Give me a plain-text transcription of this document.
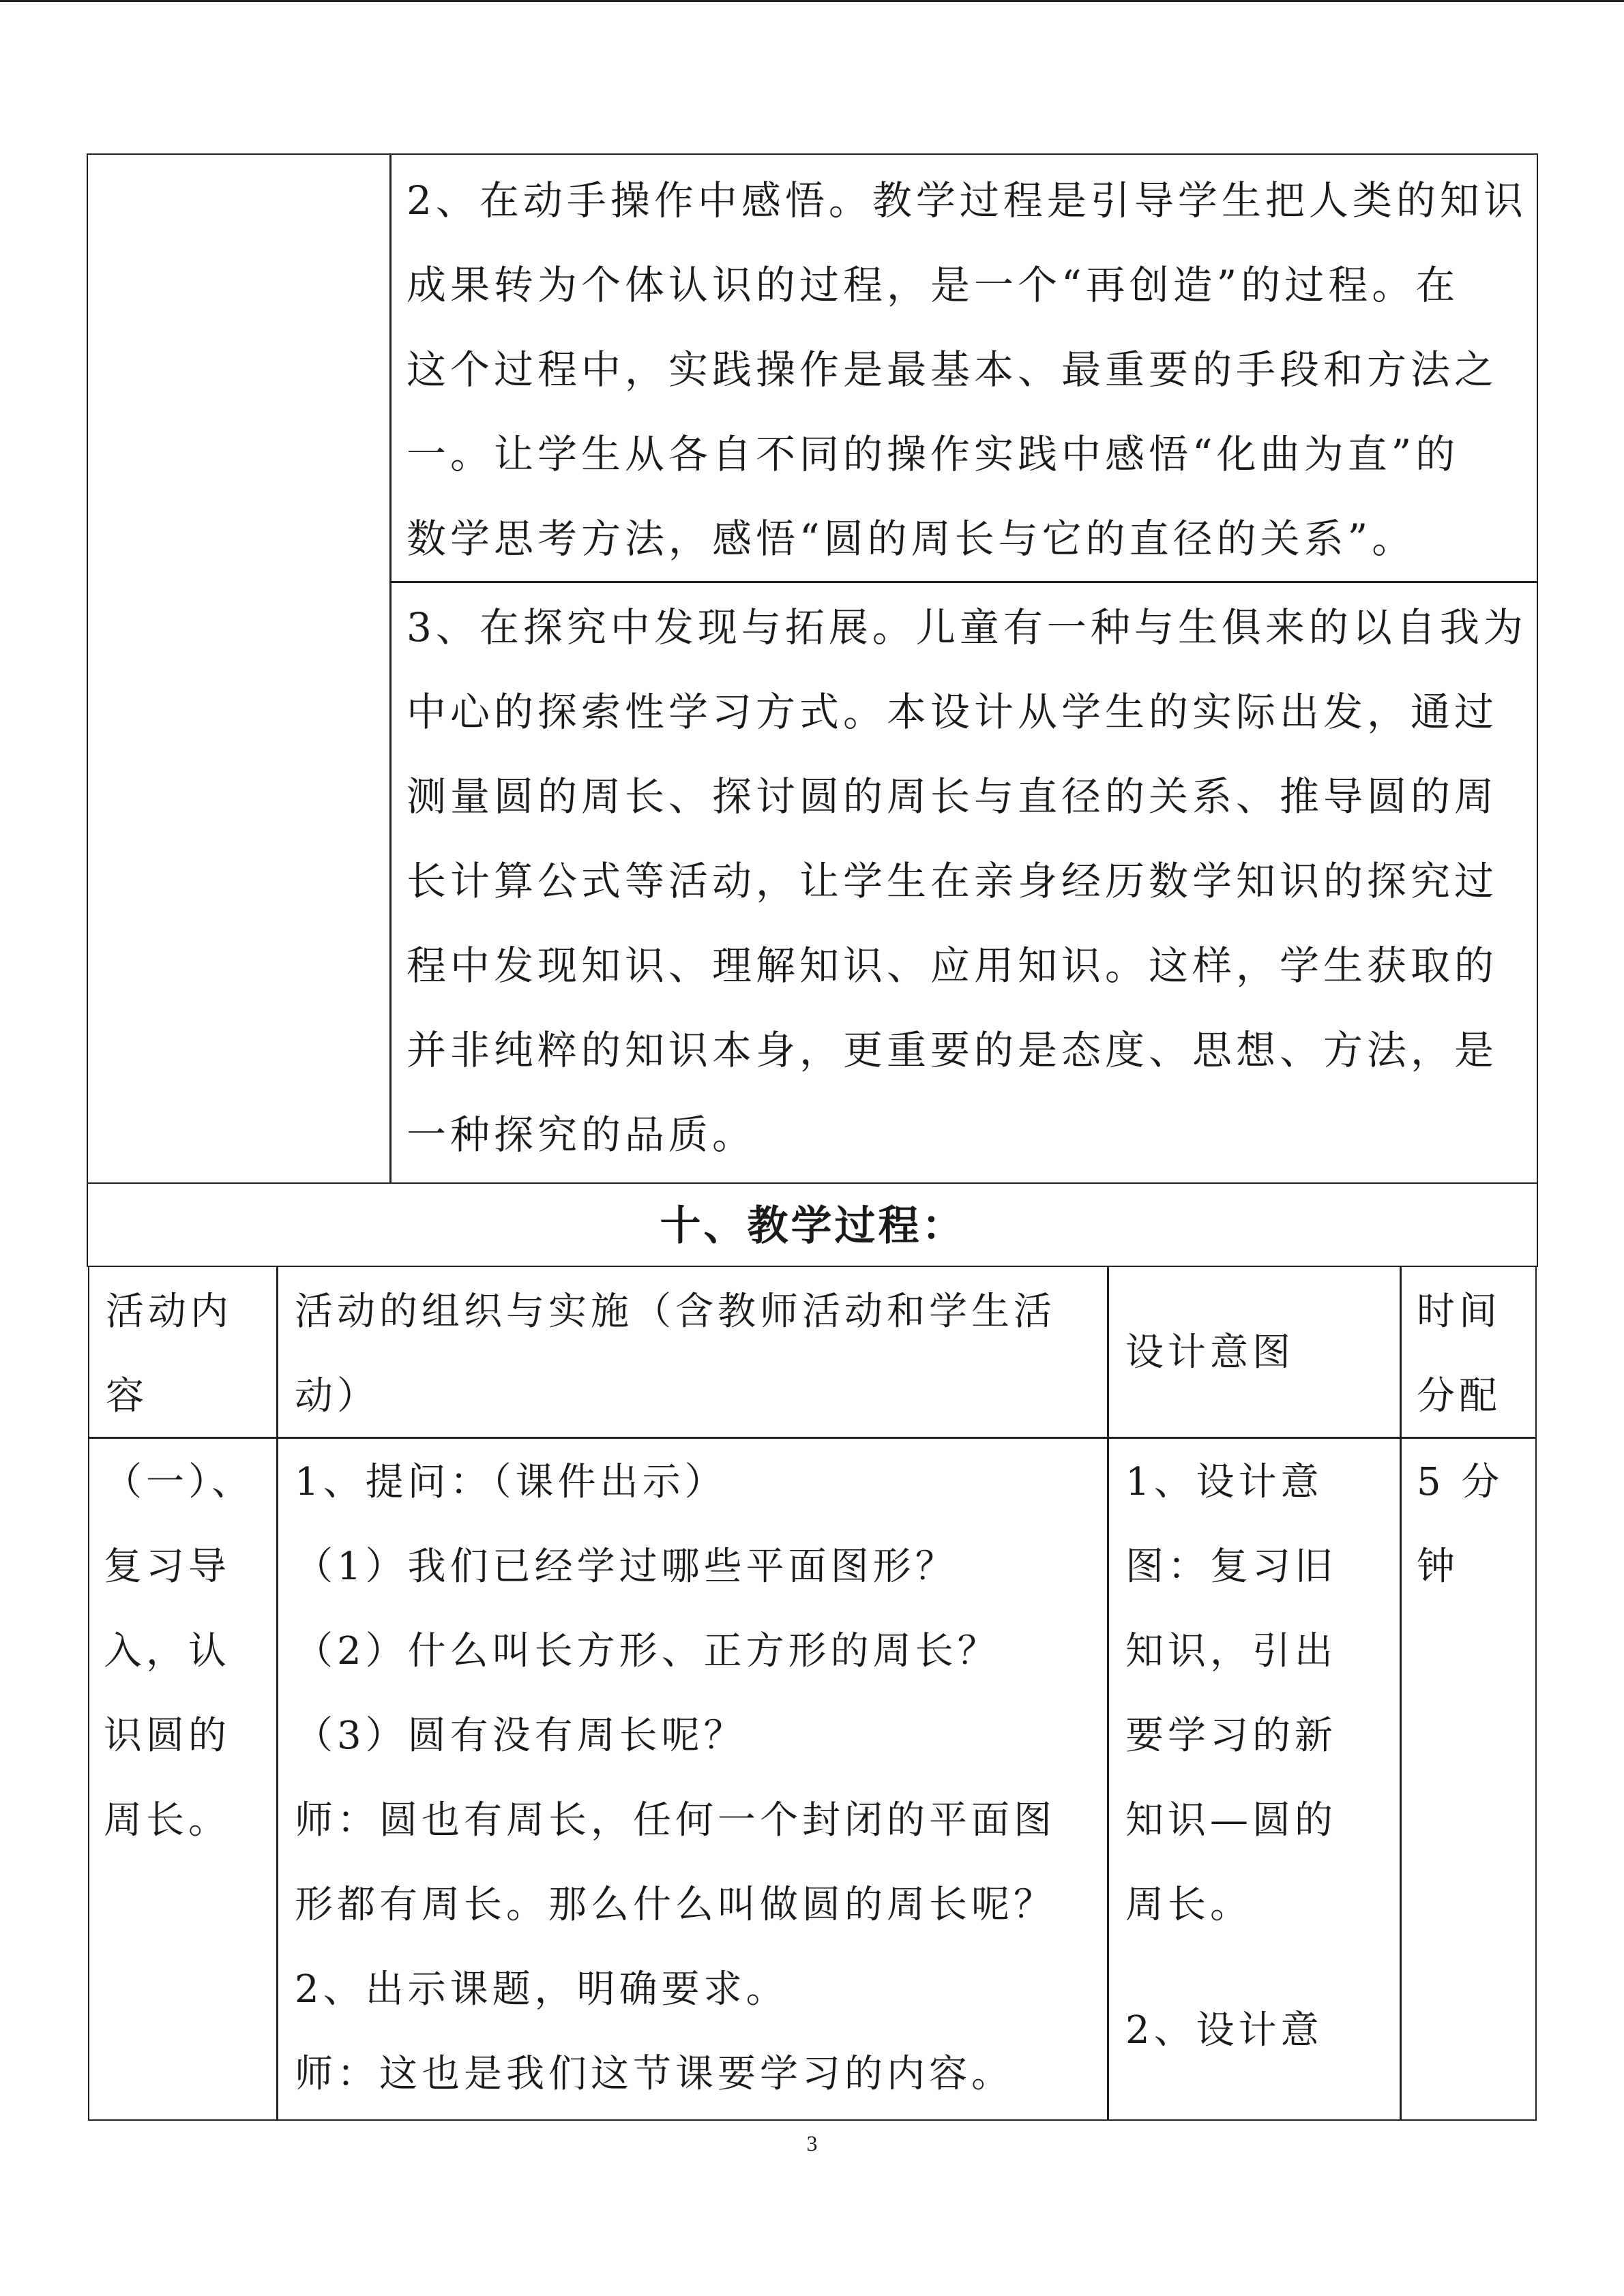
2、在动手操作中感悟。教学过程是引导学生把人类的知识
成果转为个体认识的过程，是一个“再创造”的过程。在
这个过程中，实践操作是最基本、最重要的手段和方法之
一。让学生从各自不同的操作实践中感悟“化曲为直”的
数学思考方法，感悟“圆的周长与它的直径的关系”。
3、在探究中发现与拓展。儿童有一种与生俱来的以自我为
中心的探索性学习方式。本设计从学生的实际出发，通过
测量圆的周长、探讨圆的周长与直径的关系、推导圆的周
长计算公式等活动，让学生在亲身经历数学知识的探究过
程中发现知识、理解知识、应用知识。这样，学生获取的
并非纯粹的知识本身，更重要的是态度、思想、方法，是
一种探究的品质。
十、教学过程：
活动内
容
活动的组织与实施（含教师活动和学生活
动）
设计意图
时间
分配
（一）、
复习导
入，认
识圆的
周长。
1、提问：（课件出示）
（1）我们已经学过哪些平面图形？
（2）什么叫长方形、正方形的周长？
（3）圆有没有周长呢？
师：圆也有周长，任何一个封闭的平面图
形都有周长。那么什么叫做圆的周长呢？
2、出示课题，明确要求。
师：这也是我们这节课要学习的内容。
1、设计意
图：复习旧
知识，引出
要学习的新
知识—圆的
周长。
2、设计意
5 分
钟
3
